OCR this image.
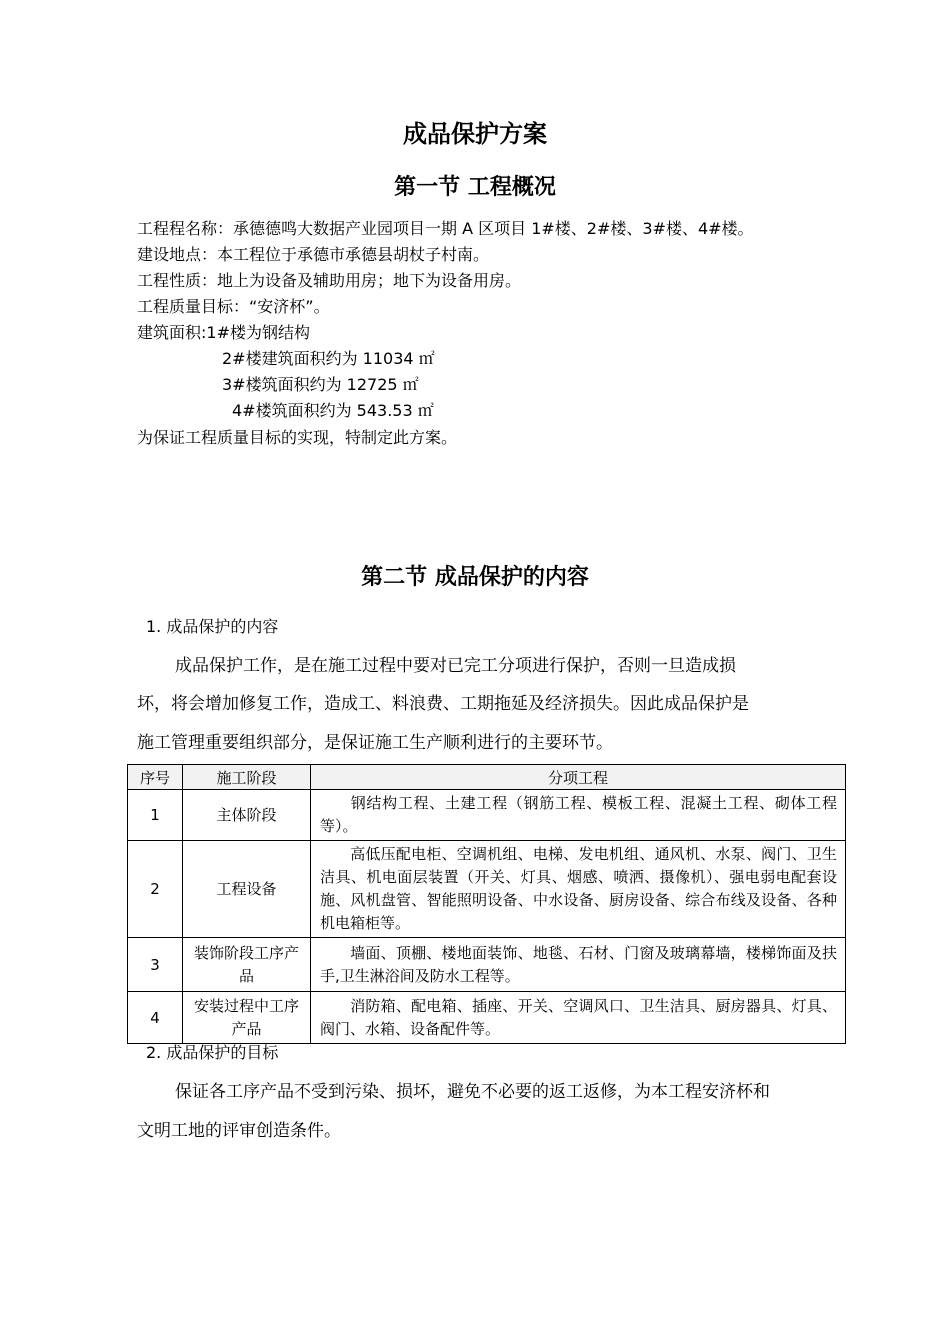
成品保护方案
第一节 工程概况
工程程名称：承德德鸣大数据产业园项目一期 A 区项目 1#楼、2#楼、3#楼、4#楼。
建设地点：本工程位于承德市承德县胡杖子村南。
工程性质：地上为设备及辅助用房；地下为设备用房。
工程质量目标：“安济杯”。
建筑面积:1#楼为钢结构
2#楼建筑面积约为 11034 ㎡
3#楼筑面积约为 12725 ㎡
4#楼筑面积约为 543.53 ㎡
为保证工程质量目标的实现，特制定此方案。
第二节 成品保护的内容
1. 成品保护的内容
成品保护工作，是在施工过程中要对已完工分项进行保护，否则一旦造成损
坏，将会增加修复工作，造成工、料浪费、工期拖延及经济损失。因此成品保护是
施工管理重要组织部分，是保证施工生产顺利进行的主要环节。
序号	施工阶段	分项工程
1	主体阶段	钢结构工程、土建工程（钢筋工程、模板工程、混凝土工程、砌体工程等）。
2	工程设备	高低压配电柜、空调机组、电梯、发电机组、通风机、水泵、阀门、卫生洁具、机电面层装置（开关、灯具、烟感、喷洒、摄像机）、强电弱电配套设施、风机盘管、智能照明设备、中水设备、厨房设备、综合布线及设备、各种机电箱柜等。
3	装饰阶段工序产品	墙面、顶棚、楼地面装饰、地毯、石材、门窗及玻璃幕墙，楼梯饰面及扶手,卫生淋浴间及防水工程等。
4	安装过程中工序产品	消防箱、配电箱、插座、开关、空调风口、卫生洁具、厨房器具、灯具、阀门、水箱、设备配件等。
2. 成品保护的目标
保证各工序产品不受到污染、损坏，避免不必要的返工返修，为本工程安济杯和
文明工地的评审创造条件。
